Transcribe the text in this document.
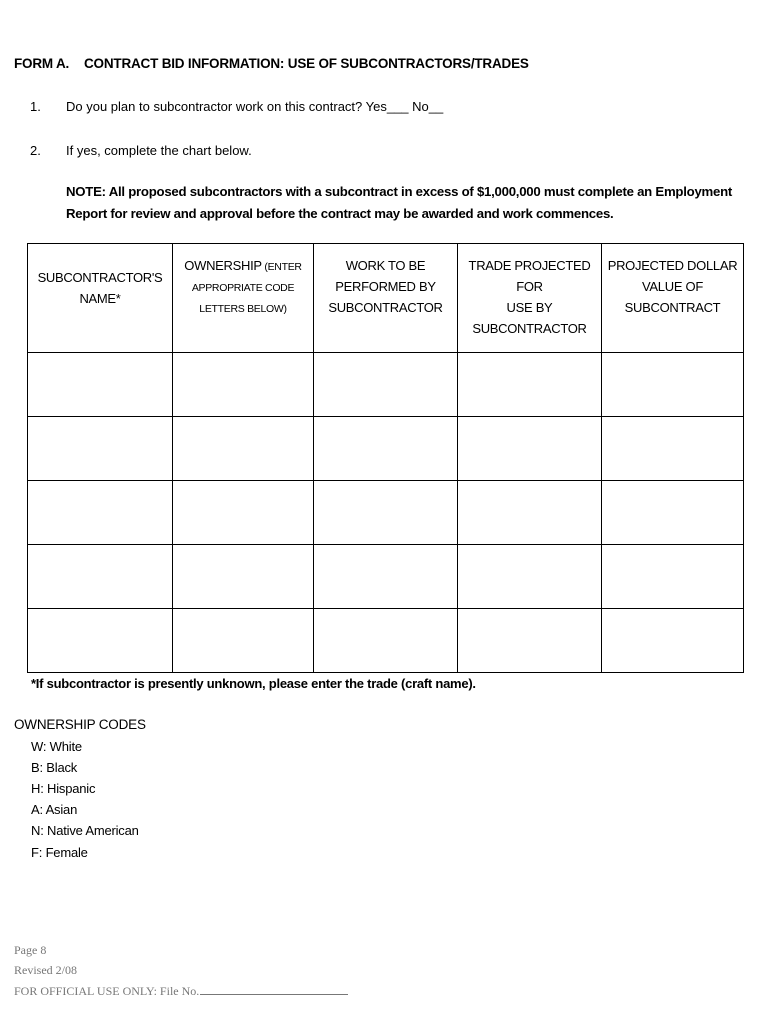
FORM A. CONTRACT BID INFORMATION: USE OF SUBCONTRACTORS/TRADES
1. Do you plan to subcontractor work on this contract? Yes___ No__
2. If yes, complete the chart below.
NOTE: All proposed subcontractors with a subcontract in excess of $1,000,000 must complete an Employment Report for review and approval before the contract may be awarded and work commences.
SUBCONTRACTOR'S
NAME*	OWNERSHIP (ENTER
APPROPRIATE CODE
LETTERS BELOW)	WORK TO BE
PERFORMED BY
SUBCONTRACTOR	TRADE PROJECTED FOR
USE BY
SUBCONTRACTOR	PROJECTED DOLLAR
VALUE OF
SUBCONTRACT

*If subcontractor is presently unknown, please enter the trade (craft name).
OWNERSHIP CODES
W: White
B: Black
H: Hispanic
A: Asian
N: Native American
F: Female
Page 8
Revised 2/08
FOR OFFICIAL USE ONLY: File No.
